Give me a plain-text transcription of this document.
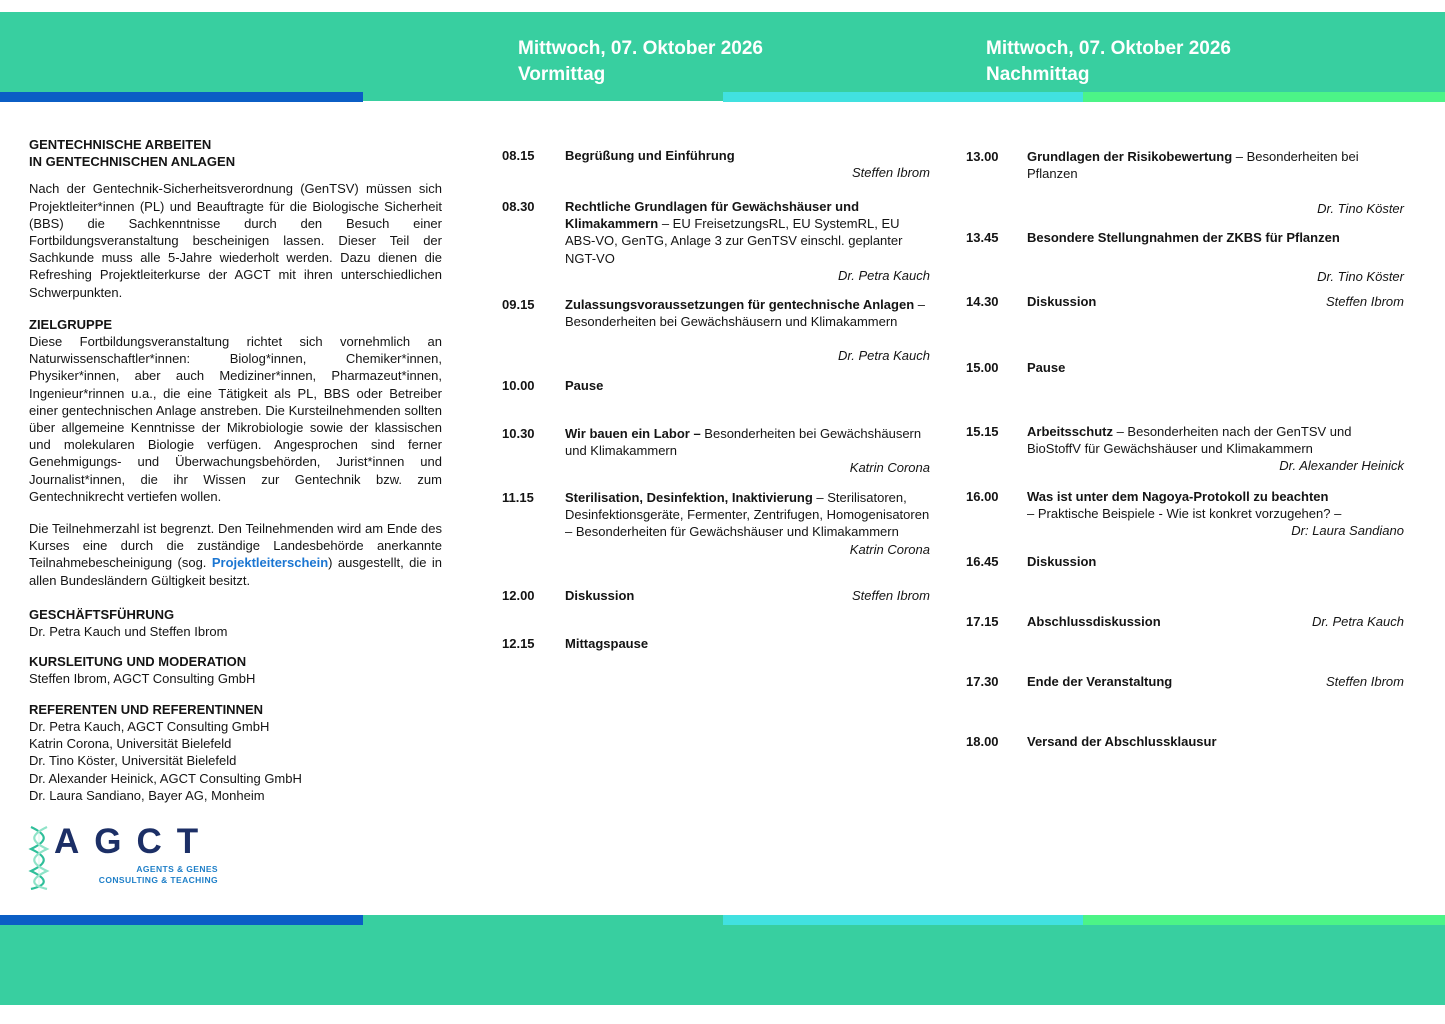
Mittwoch, 07. Oktober 2026
Vormittag
Mittwoch, 07. Oktober 2026
Nachmittag
GENTECHNISCHE ARBEITEN
IN GENTECHNISCHEN ANLAGEN

Nach der Gentechnik-Sicherheitsverordnung (GenTSV) müssen sich Projektleiter*innen (PL) und Beauftragte für die Biologische Sicherheit (BBS) die Sachkenntnisse durch den Besuch einer Fortbildungsveranstaltung bescheinigen lassen. Dieser Teil der Sachkunde muss alle 5-Jahre wiederholt werden. Dazu dienen die Refreshing Projektleiterkurse der AGCT mit ihren unterschiedlichen Schwerpunkten.

ZIELGRUPPE

Diese Fortbildungsveranstaltung richtet sich vornehmlich an Naturwissenschaftler*innen: Biolog*innen, Chemiker*innen, Physiker*innen, aber auch Mediziner*innen, Pharmazeut*innen, Ingenieur*rinnen u.a., die eine Tätigkeit als PL, BBS oder Betreiber einer gentechnischen Anlage anstreben. Die Kursteilnehmenden sollten über allgemeine Kenntnisse der Mikrobiologie sowie der klassischen und molekularen Biologie verfügen. Angesprochen sind ferner Genehmigungs- und Überwachungsbehörden, Jurist*innen und Journalist*innen, die ihr Wissen zur Gentechnik bzw. zum Gentechnikrecht vertiefen wollen.

Die Teilnehmerzahl ist begrenzt. Den Teilnehmenden wird am Ende des Kurses eine durch die zuständige Landesbehörde anerkannte Teilnahmebescheinigung (sog. Projektleiterschein) ausgestellt, die in allen Bundesländern Gültigkeit besitzt.

GESCHÄFTSFÜHRUNG
Dr. Petra Kauch und Steffen Ibrom
KURSLEITUNG UND MODERATION
Steffen Ibrom, AGCT Consulting GmbH
REFERENTEN UND REFERENTINNEN
Dr. Petra Kauch, AGCT Consulting GmbH
Katrin Corona, Universität Bielefeld
Dr. Tino Köster, Universität Bielefeld
Dr. Alexander Heinick, AGCT Consulting GmbH
Dr. Laura Sandiano, Bayer AG, Monheim
AGCT
AGENTS & GENES
CONSULTING & TEACHING
08.15	Begrüßung und Einführung
Steffen Ibrom
08.30	Rechtliche Grundlagen für Gewächshäuser und Klimakammern – EU FreisetzungsRL, EU SystemRL, EU ABS-VO, GenTG, Anlage 3 zur GenTSV einschl. geplanter NGT-VO
Dr. Petra Kauch
09.15	Zulassungsvoraussetzungen für gentechnische Anlagen – Besonderheiten bei Gewächshäusern und Klimakammern
Dr. Petra Kauch
10.00	Pause
10.30	Wir bauen ein Labor – Besonderheiten bei Gewächshäusern und Klimakammern
Katrin Corona
11.15	Sterilisation, Desinfektion, Inaktivierung – Sterilisatoren, Desinfektionsgeräte, Fermenter, Zentrifugen, Homogenisatoren – Besonderheiten für Gewächshäuser und Klimakammern
Katrin Corona
12.00	Diskussion	Steffen Ibrom
12.15	Mittagspause
13.00	Grundlagen der Risikobewertung – Besonderheiten bei Pflanzen
Dr. Tino Köster
13.45	Besondere Stellungnahmen der ZKBS für Pflanzen
Dr. Tino Köster
14.30	Diskussion	Steffen Ibrom
15.00	Pause
15.15	Arbeitsschutz – Besonderheiten nach der GenTSV und BioStoffV für Gewächshäuser und Klimakammern
Dr. Alexander Heinick
16.00	Was ist unter dem Nagoya-Protokoll zu beachten
– Praktische Beispiele - Wie ist konkret vorzugehen? –
Dr: Laura Sandiano
16.45	Diskussion
17.15	Abschlussdiskussion	Dr. Petra Kauch
17.30	Ende der Veranstaltung	Steffen Ibrom
18.00	Versand der Abschlussklausur
